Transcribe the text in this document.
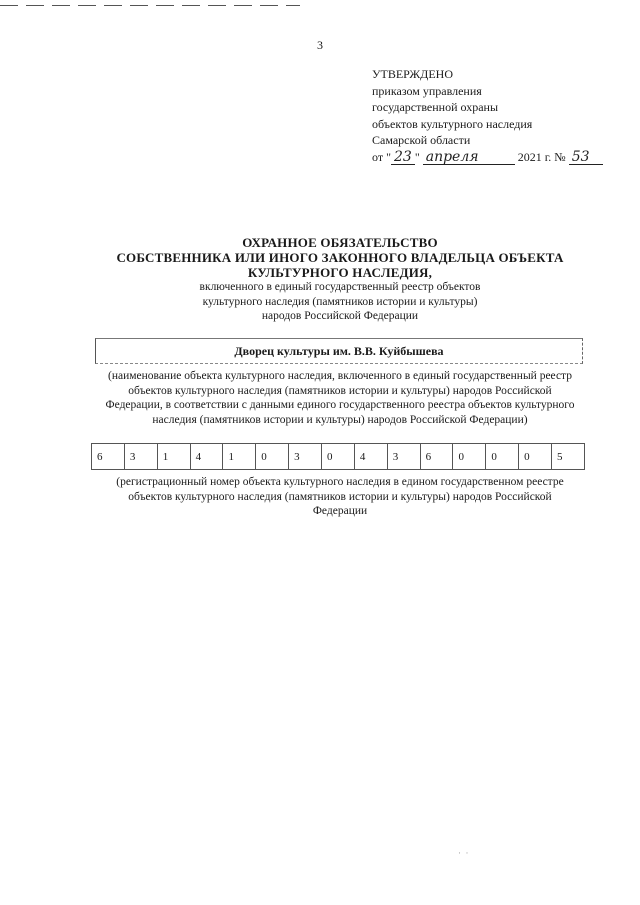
3
УТВЕРЖДЕНО
приказом управления
государственной охраны
объектов культурного наследия
Самарской области
от " 23 " апреля	2021 г. № 53
ОХРАННОЕ ОБЯЗАТЕЛЬСТВО
СОБСТВЕННИКА ИЛИ ИНОГО ЗАКОННОГО ВЛАДЕЛЬЦА ОБЪЕКТА
КУЛЬТУРНОГО НАСЛЕДИЯ,
включенного в единый государственный реестр объектов
культурного наследия (памятников истории и культуры)
народов Российской Федерации
Дворец культуры им. В.В. Куйбышева
(наименование объекта культурного наследия, включенного в единый государственный реестр объектов культурного наследия (памятников истории и культуры) народов Российской Федерации, в соответствии с данными единого государственного реестра объектов культурного наследия (памятников истории и культуры) народов Российской Федерации)
6	3	1	4	1	0	3	0	4	3	6	0	0	0	5
(регистрационный номер объекта культурного наследия в едином государственном реестре объектов культурного наследия (памятников истории и культуры) народов Российской Федерации
·  ·
